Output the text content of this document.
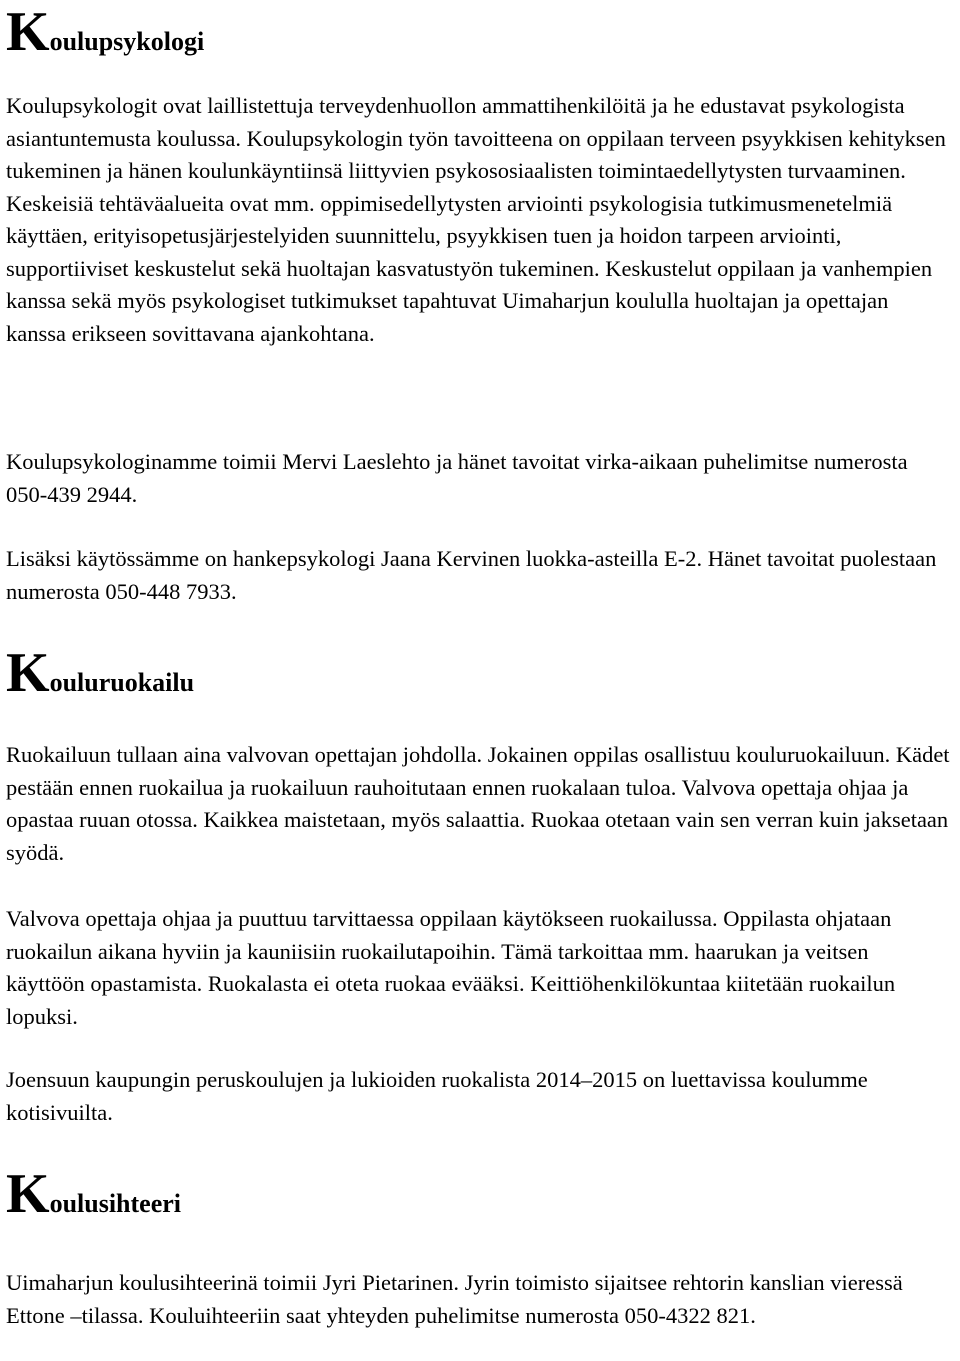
Koulupsykologi

Koulupsykologit ovat laillistettuja terveydenhuollon ammattihenkilöitä ja he edustavat psykologista asiantuntemusta koulussa. Koulupsykologin työn tavoitteena on oppilaan terveen psyykkisen kehityksen tukeminen ja hänen koulunkäyntiinsä liittyvien psykososiaalisten toimintaedellytysten turvaaminen. Keskeisiä tehtäväalueita ovat mm. oppimisedellytysten arviointi psykologisia tutkimusmenetelmiä käyttäen, erityisopetusjärjestelyiden suunnittelu, psyykkisen tuen ja hoidon tarpeen arviointi, supportiiviset keskustelut sekä huoltajan kasvatustyön tukeminen. Keskustelut oppilaan ja vanhempien kanssa sekä myös psykologiset tutkimukset tapahtuvat Uimaharjun koululla huoltajan ja opettajan kanssa erikseen sovittavana ajankohtana.

Koulupsykologinamme toimii Mervi Laeslehto ja hänet tavoitat virka-aikaan puhelimitse numerosta 050-439 2944.

Lisäksi käytössämme on hankepsykologi Jaana Kervinen luokka-asteilla E-2. Hänet tavoitat puolestaan numerosta 050-448 7933.

Kouluruokailu

Ruokailuun tullaan aina valvovan opettajan johdolla. Jokainen oppilas osallistuu kouluruokailuun. Kädet pestään ennen ruokailua ja ruokailuun rauhoitutaan ennen ruokalaan tuloa. Valvova opettaja ohjaa ja opastaa ruuan otossa. Kaikkea maistetaan, myös salaattia. Ruokaa otetaan vain sen verran kuin jaksetaan syödä.

Valvova opettaja ohjaa ja puuttuu tarvittaessa oppilaan käytökseen ruokailussa. Oppilasta ohjataan ruokailun aikana hyviin ja kauniisiin ruokailutapoihin. Tämä tarkoittaa mm. haarukan ja veitsen käyttöön opastamista. Ruokalasta ei oteta ruokaa evääksi. Keittiöhenkilökuntaa kiitetään ruokailun lopuksi.

Joensuun kaupungin peruskoulujen ja lukioiden ruokalista 2014–2015 on luettavissa koulumme kotisivuilta.

Koulusihteeri

Uimaharjun koulusihteerinä toimii Jyri Pietarinen. Jyrin toimisto sijaitsee rehtorin kanslian vieressä Ettone –tilassa. Kouluihteeriin saat yhteyden puhelimitse numerosta 050-4322 821.
